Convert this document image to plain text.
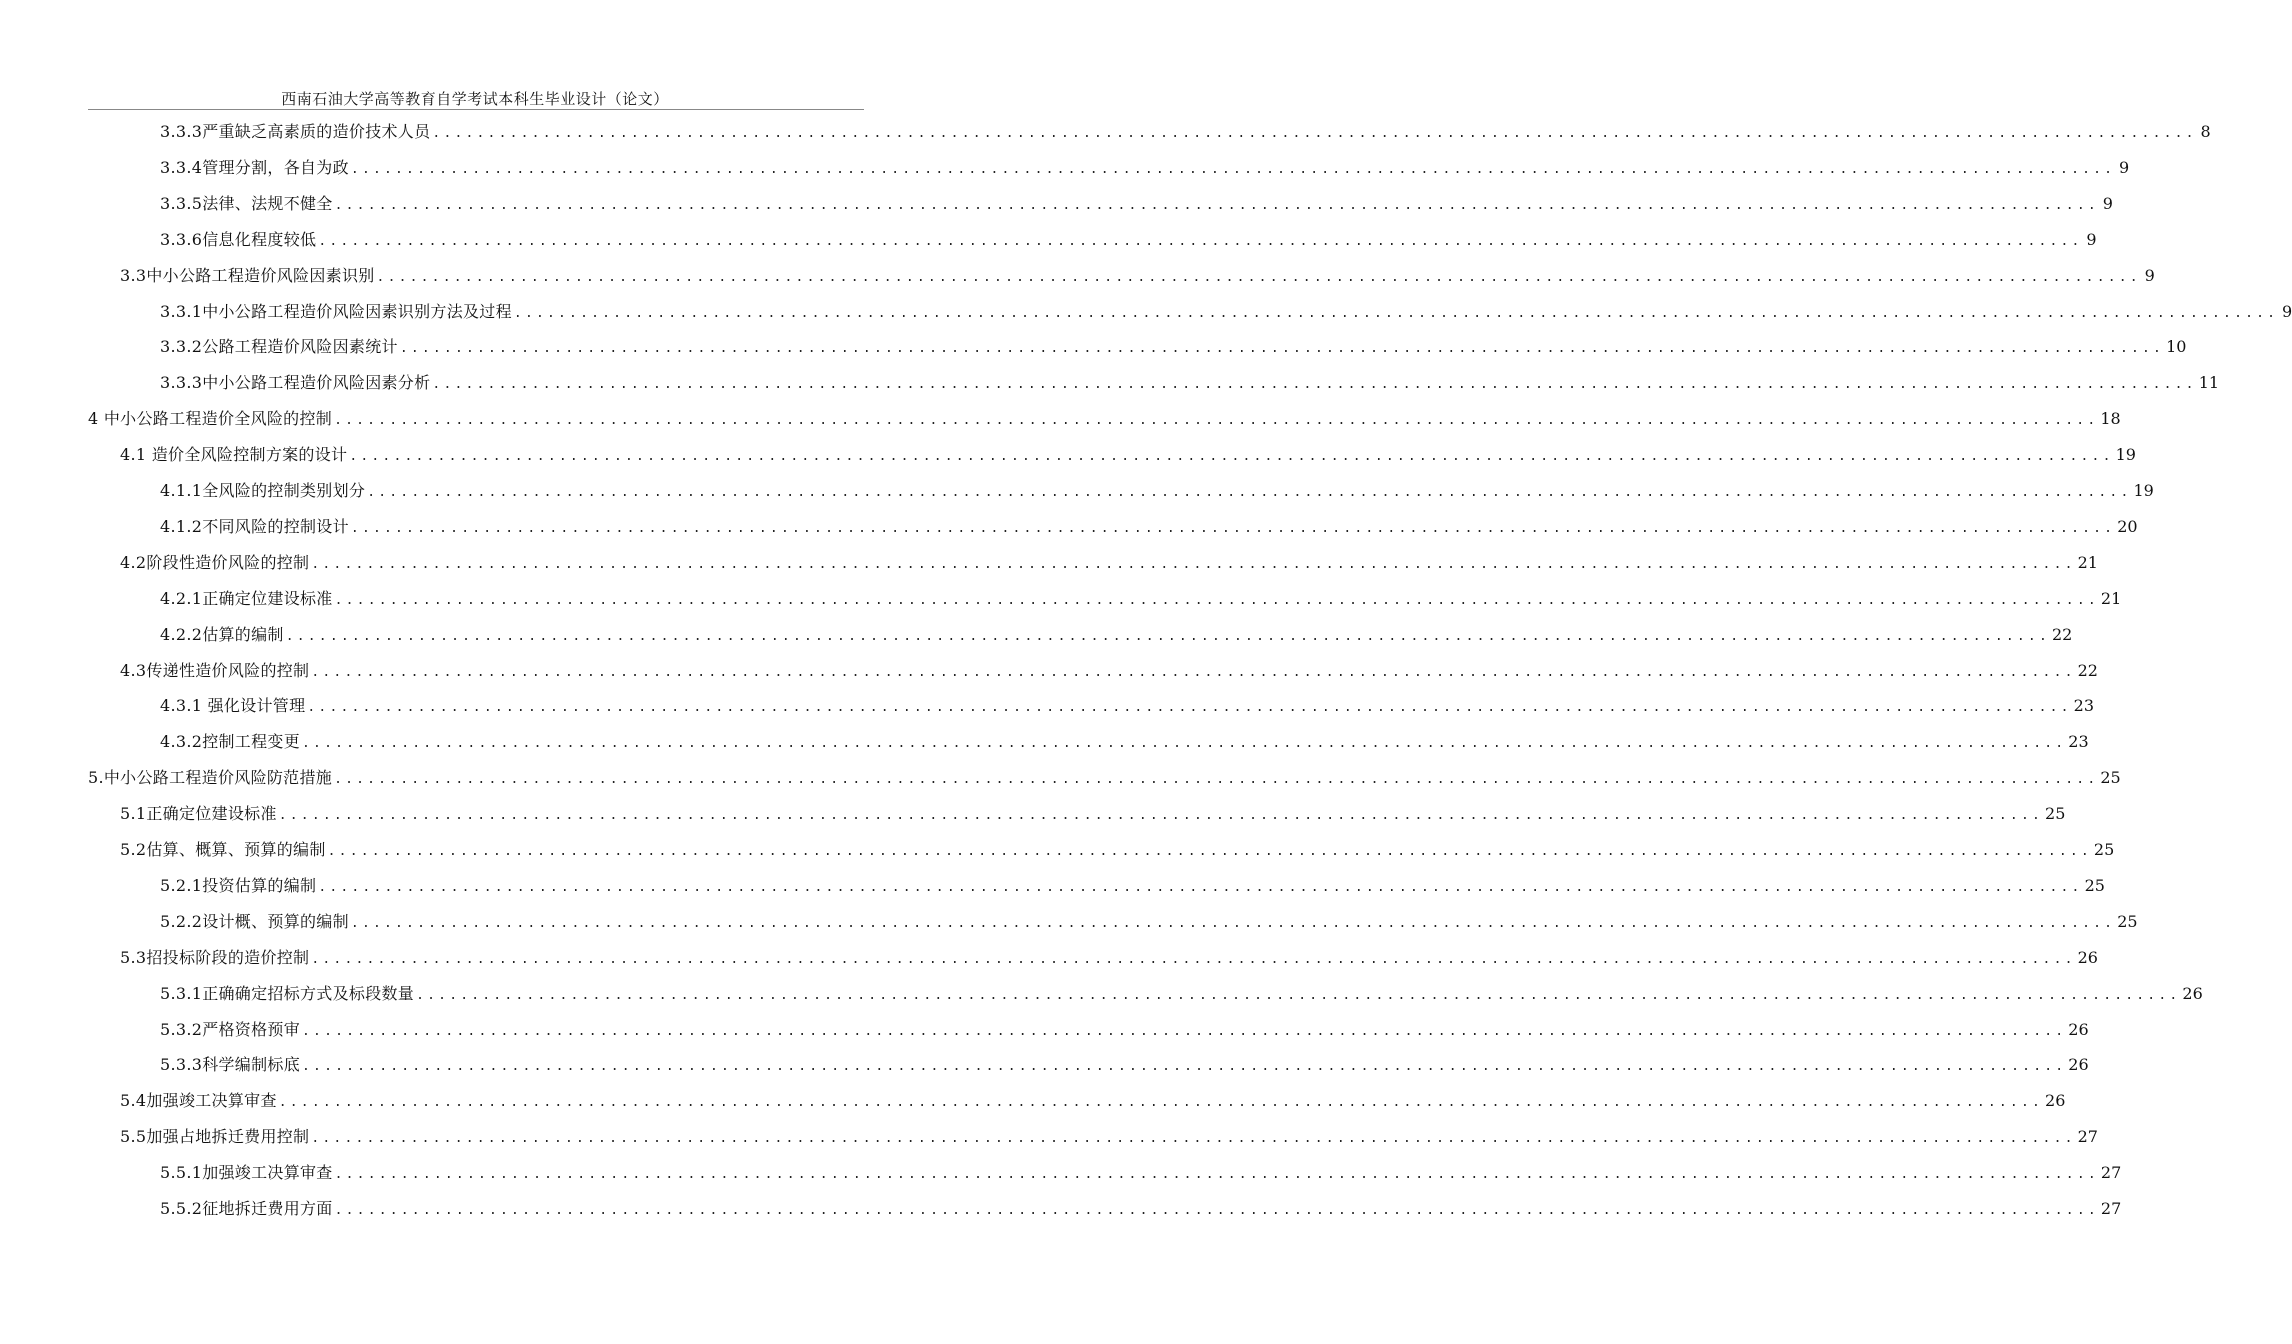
西南石油大学高等教育自学考试本科生毕业设计（论文）
3.3.3严重缺乏高素质的造价技术人员 ................................................................................................................................................................ 8
3.3.4管理分割，各自为政 ................................................................................................................................................................ 9
3.3.5法律、法规不健全 ................................................................................................................................................................ 9
3.3.6信息化程度较低 ................................................................................................................................................................ 9
3.3中小公路工程造价风险因素识别 ................................................................................................................................................................ 9
3.3.1中小公路工程造价风险因素识别方法及过程 ................................................................................................................................................................ 9
3.3.2公路工程造价风险因素统计 ................................................................................................................................................................ 10
3.3.3中小公路工程造价风险因素分析 ................................................................................................................................................................ 11
4 中小公路工程造价全风险的控制 ................................................................................................................................................................ 18
4.1 造价全风险控制方案的设计 ................................................................................................................................................................ 19
4.1.1全风险的控制类别划分 ................................................................................................................................................................ 19
4.1.2不同风险的控制设计 ................................................................................................................................................................ 20
4.2阶段性造价风险的控制 ................................................................................................................................................................ 21
4.2.1正确定位建设标准 ................................................................................................................................................................ 21
4.2.2估算的编制 ................................................................................................................................................................ 22
4.3传递性造价风险的控制 ................................................................................................................................................................ 22
4.3.1 强化设计管理 ................................................................................................................................................................ 23
4.3.2控制工程变更 ................................................................................................................................................................ 23
5.中小公路工程造价风险防范措施 ................................................................................................................................................................ 25
5.1正确定位建设标准 ................................................................................................................................................................ 25
5.2估算、概算、预算的编制 ................................................................................................................................................................ 25
5.2.1投资估算的编制 ................................................................................................................................................................ 25
5.2.2设计概、预算的编制 ................................................................................................................................................................ 25
5.3招投标阶段的造价控制 ................................................................................................................................................................ 26
5.3.1正确确定招标方式及标段数量 ................................................................................................................................................................ 26
5.3.2严格资格预审 ................................................................................................................................................................ 26
5.3.3科学编制标底 ................................................................................................................................................................ 26
5.4加强竣工决算审查 ................................................................................................................................................................ 26
5.5加强占地拆迁费用控制 ................................................................................................................................................................ 27
5.5.1加强竣工决算审查 ................................................................................................................................................................ 27
5.5.2征地拆迁费用方面 ................................................................................................................................................................ 27
